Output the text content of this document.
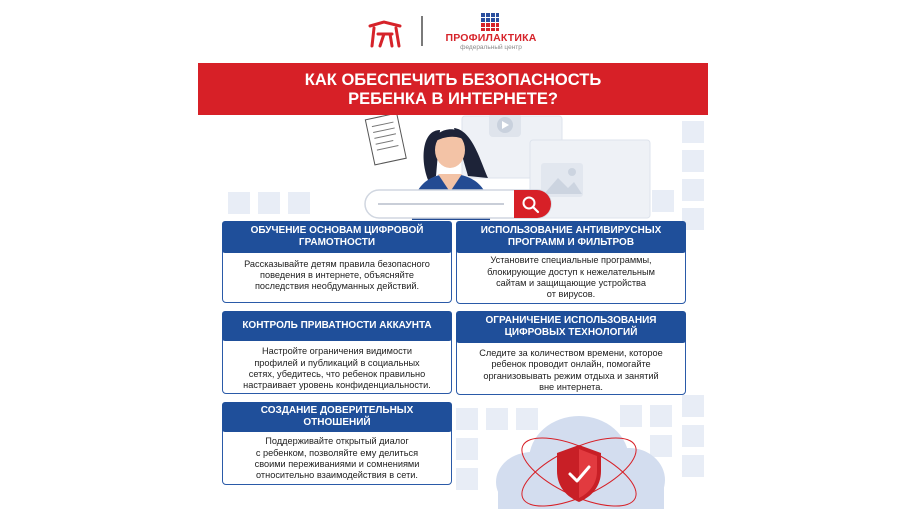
ПРОФИЛАКТИКА
федеральный центр
КАК ОБЕСПЕЧИТЬ БЕЗОПАСНОСТЬ
РЕБЕНКА В ИНТЕРНЕТЕ?
Рассказывайте детям правила безопасного
поведения в интернете, объясняйте
последствия необдуманных действий.
ОБУЧЕНИЕ ОСНОВАМ ЦИФРОВОЙ
ГРАМОТНОСТИ
Установите специальные программы,
блокирующие доступ к нежелательным
сайтам и защищающие устройства
от вирусов.
ИСПОЛЬЗОВАНИЕ АНТИВИРУСНЫХ
ПРОГРАММ И ФИЛЬТРОВ
Настройте ограничения видимости
профилей и публикаций в социальных
сетях, убедитесь, что ребенок правильно
настраивает уровень конфиденциальности.
КОНТРОЛЬ ПРИВАТНОСТИ АККАУНТА
Следите за количеством времени, которое
ребенок проводит онлайн, помогайте
организовывать режим отдыха и занятий
вне интернета.
ОГРАНИЧЕНИЕ ИСПОЛЬЗОВАНИЯ
ЦИФРОВЫХ ТЕХНОЛОГИЙ
Поддерживайте открытый диалог
с ребенком, позволяйте ему делиться
своими переживаниями и сомнениями
относительно взаимодействия в сети.
СОЗДАНИЕ ДОВЕРИТЕЛЬНЫХ
ОТНОШЕНИЙ
